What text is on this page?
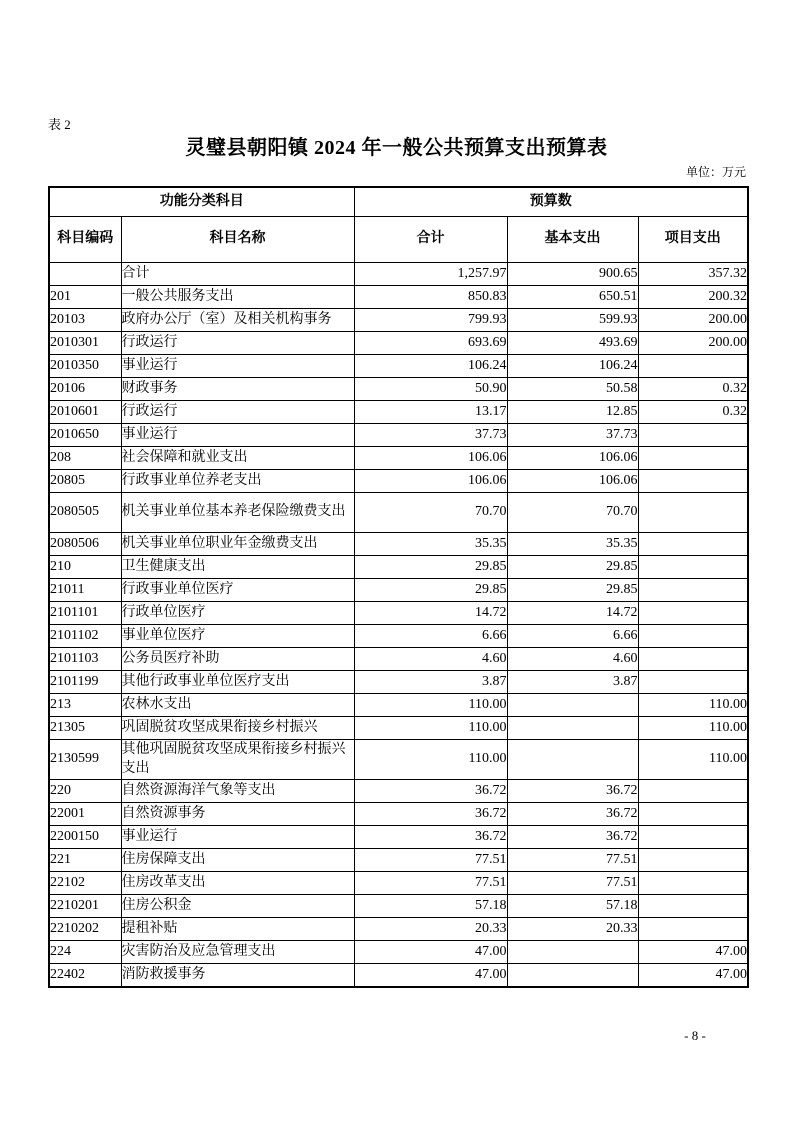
表 2
灵璧县朝阳镇 2024 年一般公共预算支出预算表
单位：万元
功能分类科目		预算数		
科目编码	科目名称	合计	基本支出	项目支出
	合计	1,257.97	900.65	357.32
201	一般公共服务支出	850.83	650.51	200.32
20103	政府办公厅（室）及相关机构事务	799.93	599.93	200.00
2010301	行政运行	693.69	493.69	200.00
2010350	事业运行	106.24	106.24	
20106	财政事务	50.90	50.58	0.32
2010601	行政运行	13.17	12.85	0.32
2010650	事业运行	37.73	37.73	
208	社会保障和就业支出	106.06	106.06	
20805	行政事业单位养老支出	106.06	106.06	
2080505	机关事业单位基本养老保险缴费支出	70.70	70.70	
2080506	机关事业单位职业年金缴费支出	35.35	35.35	
210	卫生健康支出	29.85	29.85	
21011	行政事业单位医疗	29.85	29.85	
2101101	行政单位医疗	14.72	14.72	
2101102	事业单位医疗	6.66	6.66	
2101103	公务员医疗补助	4.60	4.60	
2101199	其他行政事业单位医疗支出	3.87	3.87	
213	农林水支出	110.00		110.00
21305	巩固脱贫攻坚成果衔接乡村振兴	110.00		110.00
2130599	其他巩固脱贫攻坚成果衔接乡村振兴支出	110.00		110.00
220	自然资源海洋气象等支出	36.72	36.72	
22001	自然资源事务	36.72	36.72	
2200150	事业运行	36.72	36.72	
221	住房保障支出	77.51	77.51	
22102	住房改革支出	77.51	77.51	
2210201	住房公积金	57.18	57.18	
2210202	提租补贴	20.33	20.33	
224	灾害防治及应急管理支出	47.00		47.00
22402	消防救援事务	47.00		47.00
- 8 -
